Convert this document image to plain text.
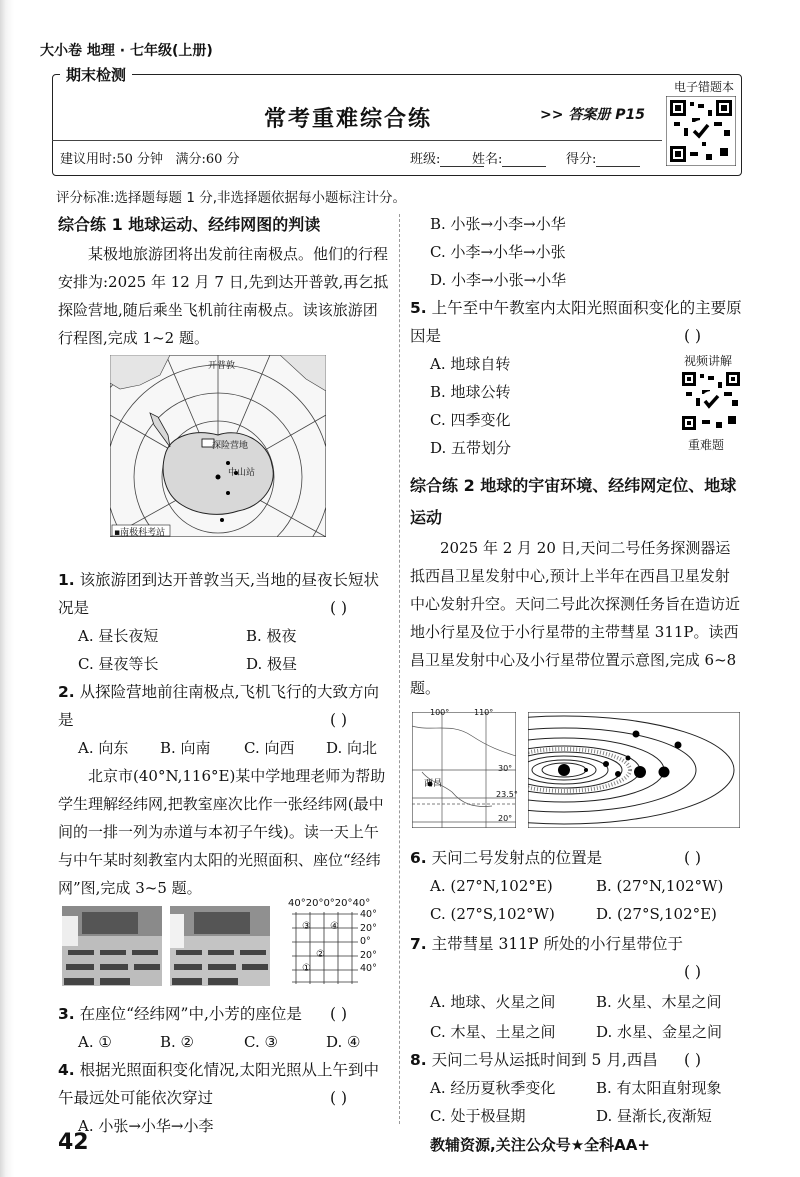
大小卷 地理 · 七年级(上册)
期末检测
常考重难综合练	>> 答案册 P15
建议用时:50 分钟 满分:60 分	班级:	姓名:	得分:
电子错题本
评分标准:选择题每题 1 分,非选择题依据每小题标注计分。
综合练 1 地球运动、经纬网图的判读
某极地旅游团将出发前往南极点。他们的行程安排为:2025 年 12 月 7 日,先到达开普敦,再乞抵探险营地,随后乘坐飞机前往南极点。读该旅游团行程图,完成 1~2 题。
开普敦
探险营地
中山站
▪南极科考站
1. 该旅游团到达开普敦当天,当地的昼夜长短状况是	( )
A. 昼长夜短	B. 极夜
C. 昼夜等长	D. 极昼
2. 从探险营地前往南极点,飞机飞行的大致方向是	( )
A. 向东 B. 向南 C. 向西 D. 向北
北京市(40°N,116°E)某中学地理老师为帮助学生理解经纬网,把教室座次比作一张经纬网(最中间的一排一列为赤道与本初子午线)。读一天上午与中午某时刻教室内太阳的光照面积、座位“经纬网”图,完成 3~5 题。
40°20°0°20°40°
③ ④
②
①
40°
20°
0°
20°
40°
3. 在座位“经纬网”中,小芳的座位是	( )
A. ①	B. ②	C. ③	D. ④
4. 根据光照面积变化情况,太阳光照从上午到中午最远处可能依次穿过	( )
A. 小张→小华→小李
42
B. 小张→小李→小华
C. 小李→小华→小张
D. 小李→小张→小华
5. 上午至中午教室内太阳光照面积变化的主要原因是	( )
A. 地球自转
B. 地球公转
C. 四季变化
D. 五带划分
视频讲解
重难题
综合练 2 地球的宇宙环境、经纬网定位、地球运动
2025 年 2 月 20 日,天问二号任务探测器运抵西昌卫星发射中心,预计上半年在西昌卫星发射中心发射升空。天问二号此次探测任务旨在造访近地小行星及位于小行星带的主带彗星 311P。读西昌卫星发射中心及小行星带位置示意图,完成 6~8 题。
100°	110°
30°
西昌
23.5°
20°
6. 天问二号发射点的位置是	( )
A. (27°N,102°E)	B. (27°N,102°W)
C. (27°S,102°W)	D. (27°S,102°E)
7. 主带彗星 311P 所处的小行星带位于
( )
A. 地球、火星之间	B. 火星、木星之间
C. 木星、土星之间	D. 水星、金星之间
8. 天问二号从运抵时间到 5 月,西昌	( )
A. 经历夏秋季变化	B. 有太阳直射现象
C. 处于极昼期	D. 昼渐长,夜渐短
教辅资源,关注公众号★全科AA+
